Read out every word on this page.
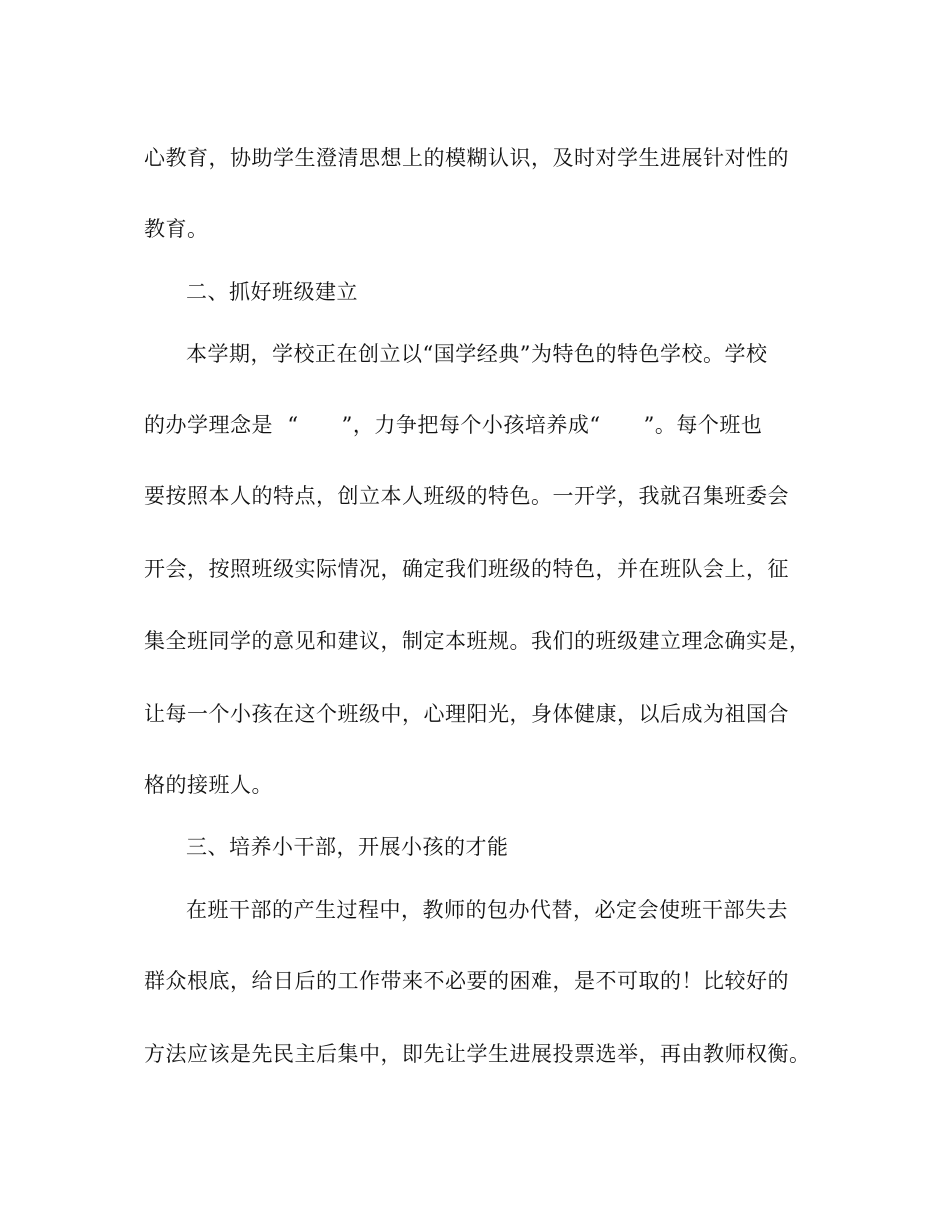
心教育，协助学生澄清思想上的模糊认识，及时对学生进展针对性的
教育。
二、抓好班级建立
本学期，学校正在创立以“国学经典”为特色的特色学校。学校
的办学理念是  “      ”，力争把每个小孩培养成“      ”。每个班也
要按照本人的特点，创立本人班级的特色。一开学，我就召集班委会
开会，按照班级实际情况，确定我们班级的特色，并在班队会上，征
集全班同学的意见和建议，制定本班规。我们的班级建立理念确实是，
让每一个小孩在这个班级中，心理阳光，身体健康，以后成为祖国合
格的接班人。
三、培养小干部，开展小孩的才能
在班干部的产生过程中，教师的包办代替，必定会使班干部失去
群众根底，给日后的工作带来不必要的困难，是不可取的！比较好的
方法应该是先民主后集中，即先让学生进展投票选举，再由教师权衡。
